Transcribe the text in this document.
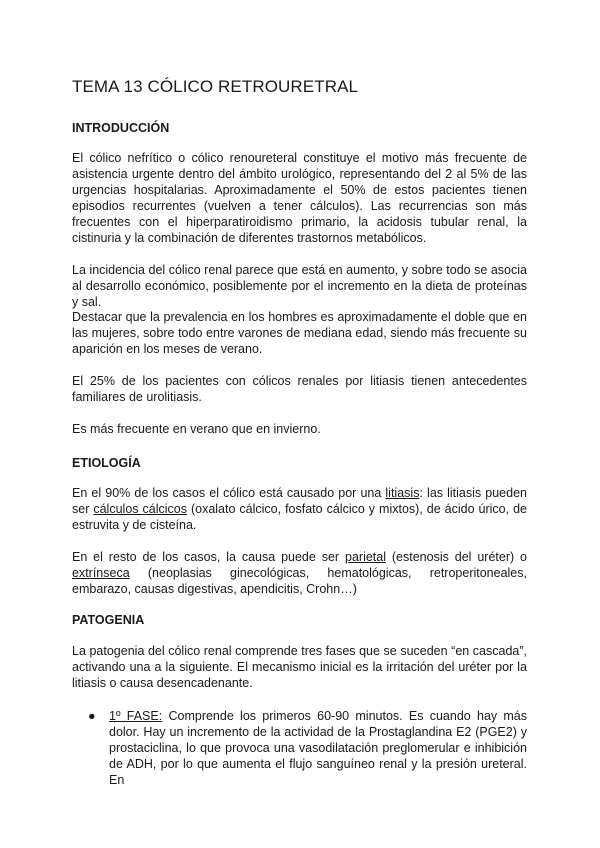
TEMA 13 CÓLICO RETROURETRAL
INTRODUCCIÓN

El cólico nefrítico o cólico renoureteral constituye el motivo más frecuente de asistencia urgente dentro del ámbito urológico, representando del 2 al 5% de las urgencias hospitalarias. Aproximadamente el 50% de estos pacientes tienen episodios recurrentes (vuelven a tener cálculos). Las recurrencias son más frecuentes con el hiperparatiroidismo primario, la acidosis tubular renal, la cistinuria y la combinación de diferentes trastornos metabólicos.

La incidencia del cólico renal parece que está en aumento, y sobre todo se asocia al desarrollo económico, posiblemente por el incremento en la dieta de proteínas y sal.

Destacar que la prevalencia en los hombres es aproximadamente el doble que en las mujeres, sobre todo entre varones de mediana edad, siendo más frecuente su aparición en los meses de verano.

El 25% de los pacientes con cólicos renales por litiasis tienen antecedentes familiares de urolitiasis.

Es más frecuente en verano que en invierno.

ETIOLOGÍA

En el 90% de los casos el cólico está causado por una litiasis: las litiasis pueden ser cálculos cálcicos (oxalato cálcico, fosfato cálcico y mixtos), de ácido úrico, de estruvita y de cisteína.

En el resto de los casos, la causa puede ser parietal (estenosis del uréter) o extrínseca (neoplasias ginecológicas, hematológicas, retroperitoneales, embarazo, causas digestivas, apendicitis, Crohn…)

PATOGENIA

La patogenia del cólico renal comprende tres fases que se suceden “en cascada”, activando una a la siguiente. El mecanismo inicial es la irritación del uréter por la litiasis o causa desencadenante.

● 1º FASE: Comprende los primeros 60-90 minutos. Es cuando hay más dolor. Hay un incremento de la actividad de la Prostaglandina E2 (PGE2) y prostaciclina, lo que provoca una vasodilatación preglomerular e inhibición de ADH, por lo que aumenta el flujo sanguíneo renal y la presión ureteral. En
